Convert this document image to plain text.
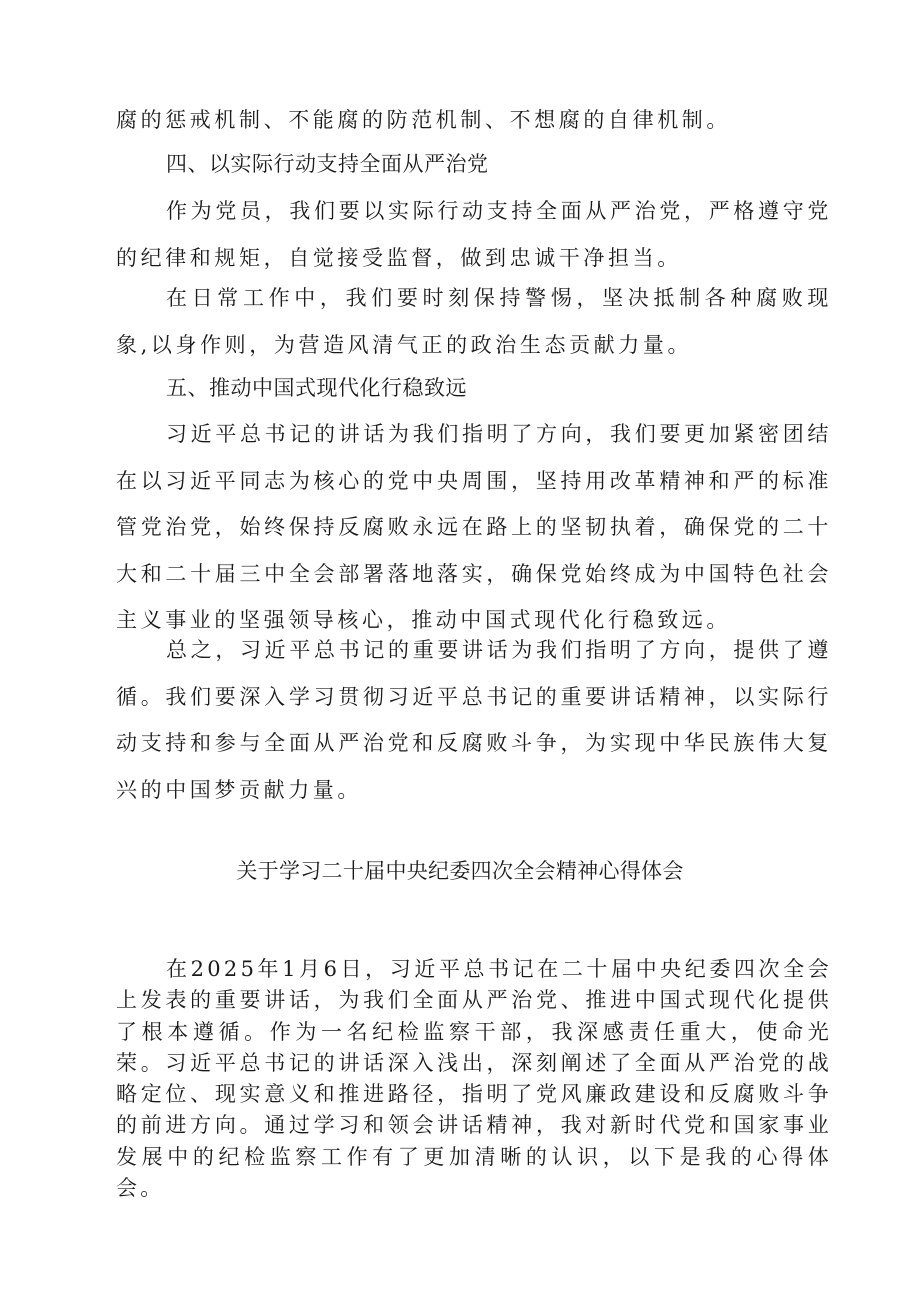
腐的惩戒机制、不能腐的防范机制、不想腐的自律机制。

四、以实际行动支持全面从严治党

作为党员，我们要以实际行动支持全面从严治党，严格遵守党的纪律和规矩，自觉接受监督，做到忠诚干净担当。

在日常工作中，我们要时刻保持警惕，坚决抵制各种腐败现象,以身作则，为营造风清气正的政治生态贡献力量。

五、推动中国式现代化行稳致远

习近平总书记的讲话为我们指明了方向，我们要更加紧密团结在以习近平同志为核心的党中央周围，坚持用改革精神和严的标准管党治党，始终保持反腐败永远在路上的坚韧执着，确保党的二十大和二十届三中全会部署落地落实，确保党始终成为中国特色社会主义事业的坚强领导核心，推动中国式现代化行稳致远。

总之，习近平总书记的重要讲话为我们指明了方向，提供了遵循。我们要深入学习贯彻习近平总书记的重要讲话精神，以实际行动支持和参与全面从严治党和反腐败斗争，为实现中华民族伟大复兴的中国梦贡献力量。

关于学习二十届中央纪委四次全会精神心得体会

在2025年1月6日，习近平总书记在二十届中央纪委四次全会上发表的重要讲话，为我们全面从严治党、推进中国式现代化提供了根本遵循。作为一名纪检监察干部，我深感责任重大，使命光荣。习近平总书记的讲话深入浅出，深刻阐述了全面从严治党的战略定位、现实意义和推进路径，指明了党风廉政建设和反腐败斗争的前进方向。通过学习和领会讲话精神，我对新时代党和国家事业发展中的纪检监察工作有了更加清晰的认识，以下是我的心得体会。
